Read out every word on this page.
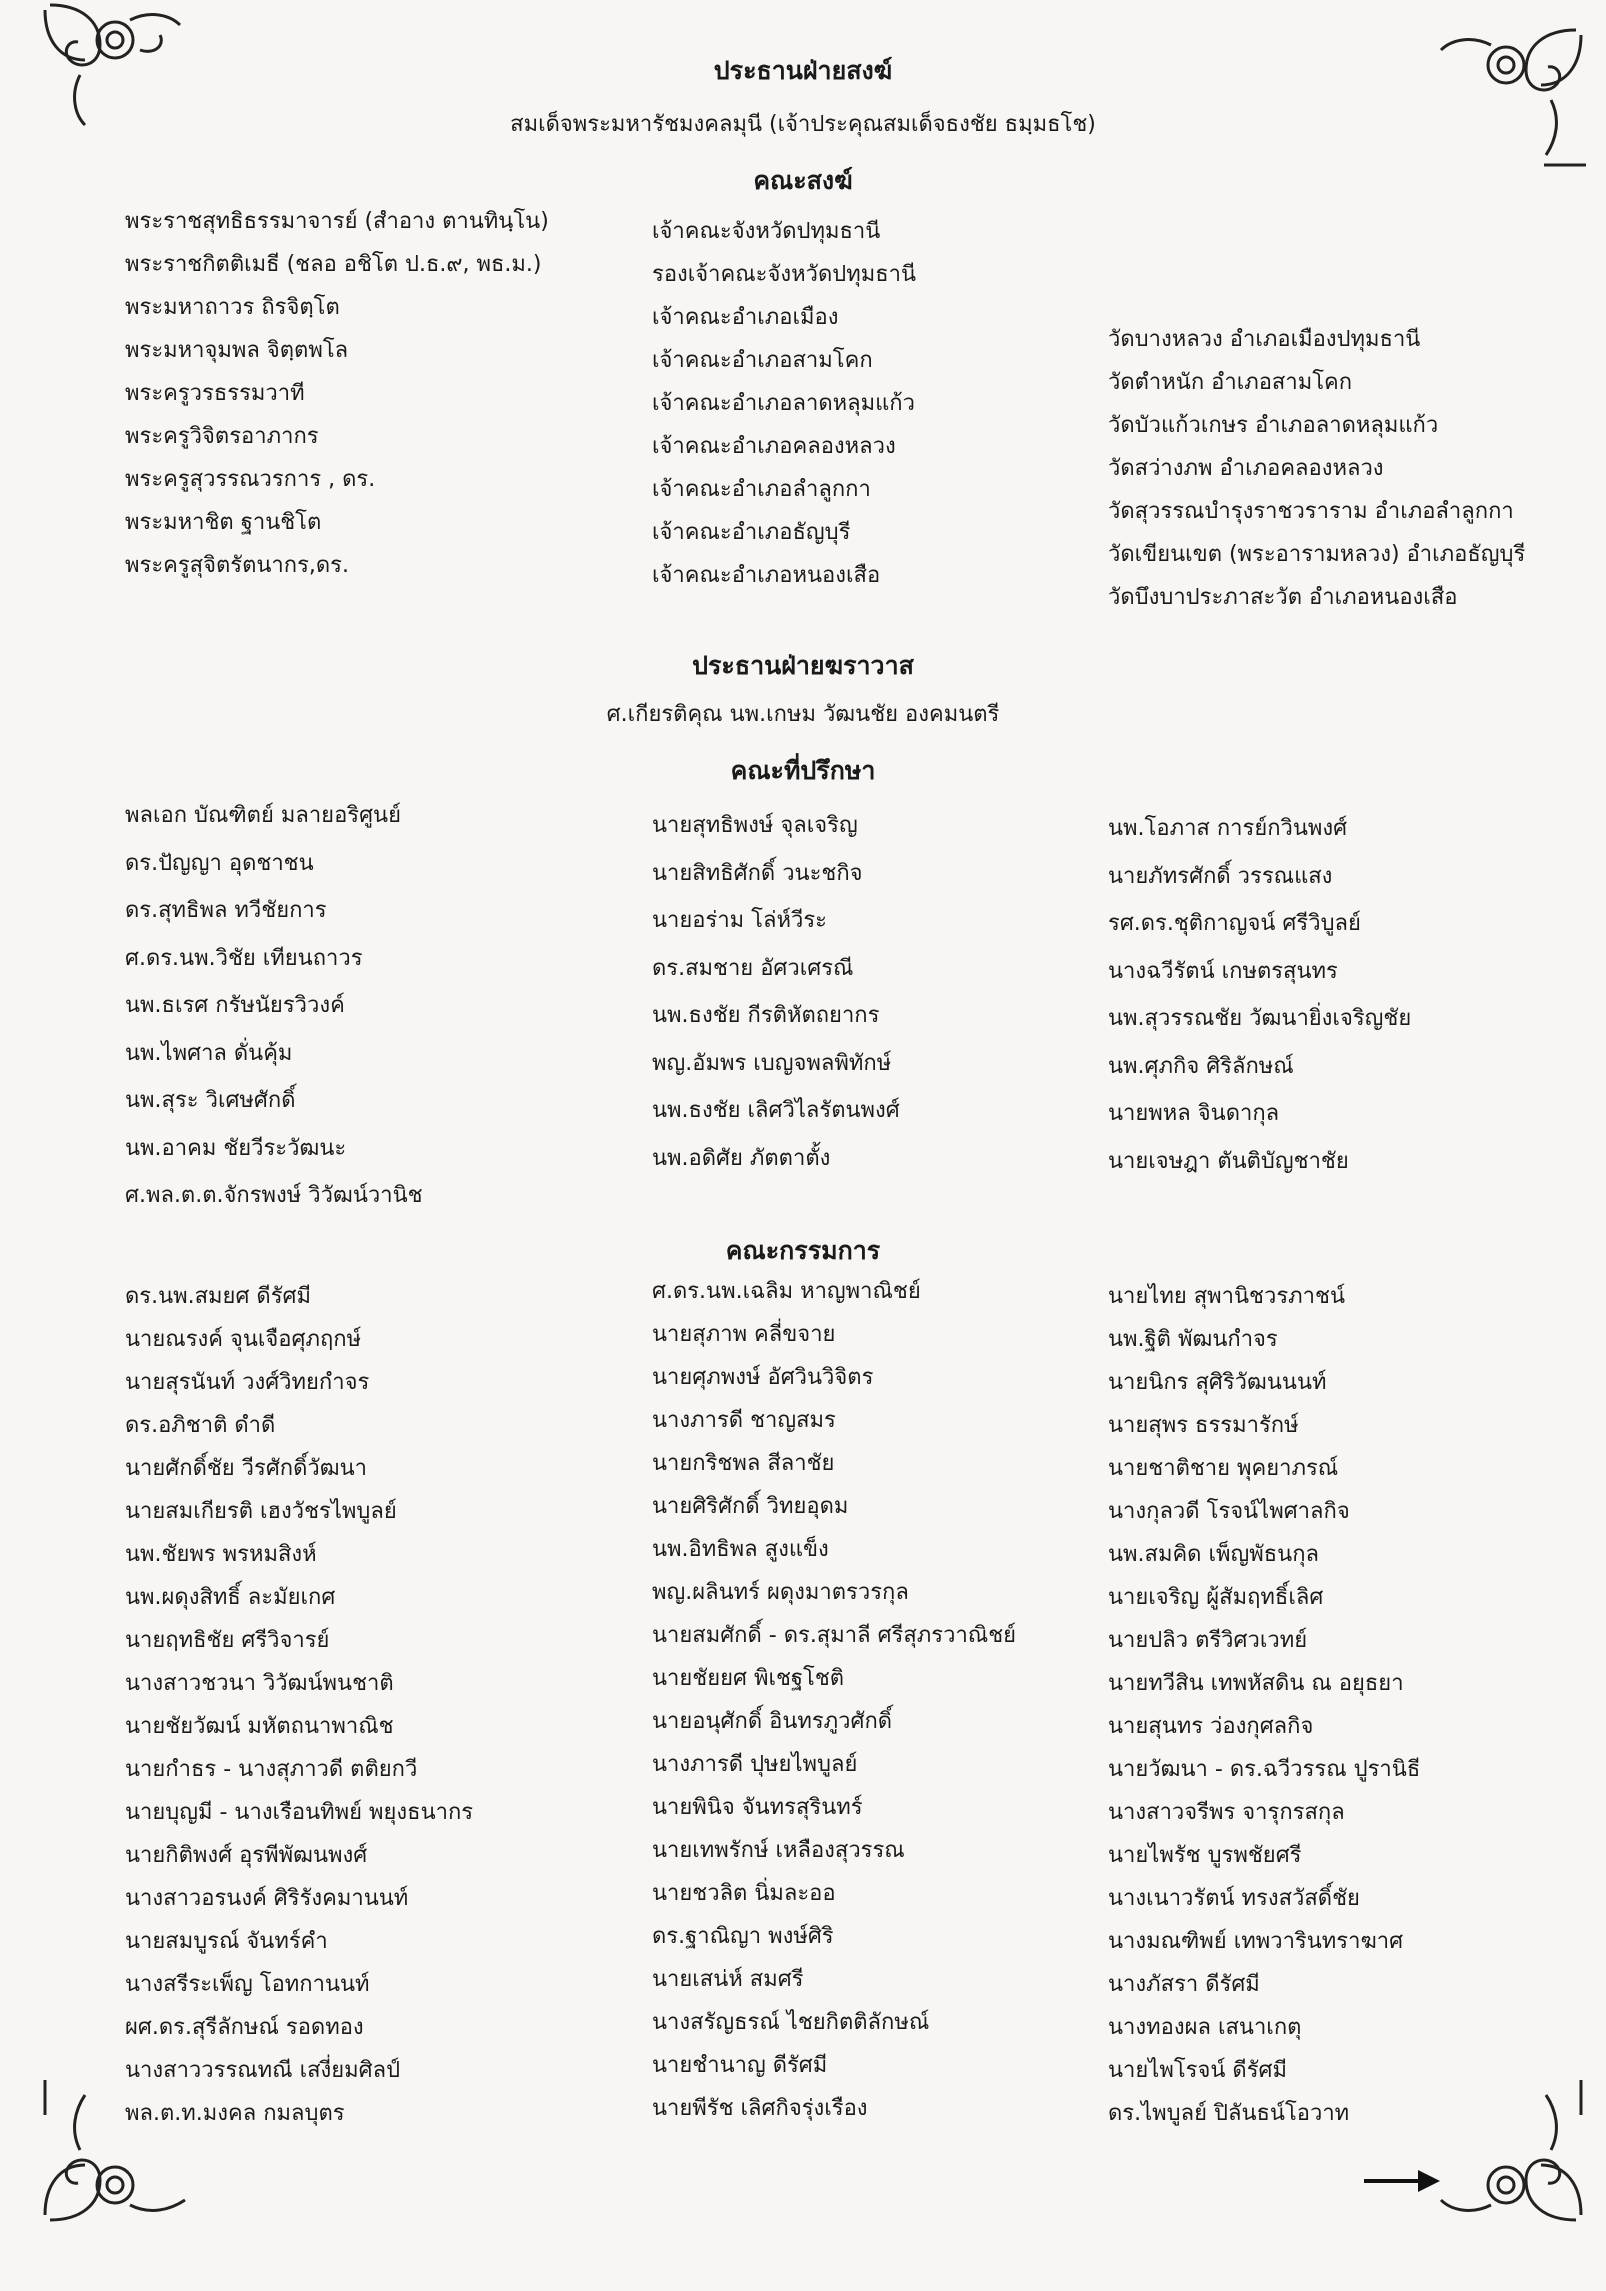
ประธานฝ่ายสงฆ์
สมเด็จพระมหารัชมงคลมุนี (เจ้าประคุณสมเด็จธงชัย ธมฺมธโช)
คณะสงฆ์
พระราชสุทธิธรรมาจารย์ (สำอาง ตานทินฺโน)
พระราชกิตติเมธี (ชลอ อชิโต ป.ธ.๙, พธ.ม.)
พระมหาถาวร ถิรจิตฺโต
พระมหาจุมพล จิตฺตพโล
พระครูวรธรรมวาที
พระครูวิจิตรอาภากร
พระครูสุวรรณวรการ , ดร.
พระมหาชิต ฐานชิโต
พระครูสุจิตรัตนากร,ดร.
เจ้าคณะจังหวัดปทุมธานี
รองเจ้าคณะจังหวัดปทุมธานี
เจ้าคณะอำเภอเมือง
เจ้าคณะอำเภอสามโคก
เจ้าคณะอำเภอลาดหลุมแก้ว
เจ้าคณะอำเภอคลองหลวง
เจ้าคณะอำเภอลำลูกกา
เจ้าคณะอำเภอธัญบุรี
เจ้าคณะอำเภอหนองเสือ
วัดบางหลวง อำเภอเมืองปทุมธานี
วัดตำหนัก อำเภอสามโคก
วัดบัวแก้วเกษร อำเภอลาดหลุมแก้ว
วัดสว่างภพ อำเภอคลองหลวง
วัดสุวรรณบำรุงราชวราราม อำเภอลำลูกกา
วัดเขียนเขต (พระอารามหลวง) อำเภอธัญบุรี
วัดบึงบาประภาสะวัต อำเภอหนองเสือ
ประธานฝ่ายฆราวาส
ศ.เกียรติคุณ นพ.เกษม วัฒนชัย องคมนตรี
คณะที่ปรึกษา
พลเอก บัณฑิตย์ มลายอริศูนย์
ดร.ปัญญา อุดชาชน
ดร.สุทธิพล ทวีชัยการ
ศ.ดร.นพ.วิชัย เทียนถาวร
นพ.ธเรศ กรัษนัยรวิวงค์
นพ.ไพศาล ดั่นคุ้ม
นพ.สุระ วิเศษศักดิ์
นพ.อาคม ชัยวีระวัฒนะ
ศ.พล.ต.ต.จักรพงษ์ วิวัฒน์วานิช
นายสุทธิพงษ์ จุลเจริญ
นายสิทธิศักดิ์ วนะชกิจ
นายอร่าม โล่ห์วีระ
ดร.สมชาย อัศวเศรณี
นพ.ธงชัย กีรติหัตถยากร
พญ.อัมพร เบญจพลพิทักษ์
นพ.ธงชัย เลิศวิไลรัตนพงศ์
นพ.อดิศัย ภัตตาตั้ง
นพ.โอภาส การย์กวินพงศ์
นายภัทรศักดิ์ วรรณแสง
รศ.ดร.ชุติกาญจน์ ศรีวิบูลย์
นางฉวีรัตน์ เกษตรสุนทร
นพ.สุวรรณชัย วัฒนายิ่งเจริญชัย
นพ.ศุภกิจ ศิริลักษณ์
นายพหล จินดากุล
นายเจษฎา ตันติบัญชาชัย
คณะกรรมการ
ดร.นพ.สมยศ ดีรัศมี
นายณรงค์ จุนเจือศุภฤกษ์
นายสุรนันท์ วงศ์วิทยกำจร
ดร.อภิชาติ ดำดี
นายศักดิ์ชัย วีรศักดิ์วัฒนา
นายสมเกียรติ เฮงวัชรไพบูลย์
นพ.ชัยพร พรหมสิงห์
นพ.ผดุงสิทธิ์ ละมัยเกศ
นายฤทธิชัย ศรีวิจารย์
นางสาวชวนา วิวัฒน์พนชาติ
นายชัยวัฒน์ มหัตถนาพาณิช
นายกำธร - นางสุภาวดี ตติยกวี
นายบุญมี - นางเรือนทิพย์ พยุงธนากร
นายกิติพงศ์ อุรพีพัฒนพงศ์
นางสาวอรนงค์ ศิริรังคมานนท์
นายสมบูรณ์ จันทร์คำ
นางสรีระเพ็ญ โอทกานนท์
ผศ.ดร.สุรีลักษณ์ รอดทอง
นางสาววรรณทณี เสงี่ยมศิลป์
พล.ต.ท.มงคล กมลบุตร
ศ.ดร.นพ.เฉลิม หาญพาณิชย์
นายสุภาพ คลี่ขจาย
นายศุภพงษ์ อัศวินวิจิตร
นางภารดี ชาญสมร
นายกริชพล สีลาชัย
นายศิริศักดิ์ วิทยอุดม
นพ.อิทธิพล สูงแข็ง
พญ.ผลินทร์ ผดุงมาตรวรกุล
นายสมศักดิ์ - ดร.สุมาลี ศรีสุภรวาณิชย์
นายชัยยศ พิเชฐโชติ
นายอนุศักดิ์ อินทรภูวศักดิ์
นางภารดี ปุษยไพบูลย์
นายพินิจ จันทรสุรินทร์
นายเทพรักษ์ เหลืองสุวรรณ
นายชวลิต นิ่มละออ
ดร.ฐาณิญา พงษ์ศิริ
นายเสน่ห์ สมศรี
นางสรัญธรณ์ ไชยกิตติลักษณ์
นายชำนาญ ดีรัศมี
นายพีรัช เลิศกิจรุ่งเรือง
นายไทย สุพานิชวรภาชน์
นพ.ฐิติ พัฒนกำจร
นายนิกร สุศิริวัฒนนนท์
นายสุพร ธรรมารักษ์
นายชาติชาย พุคยาภรณ์
นางกุลวดี โรจน์ไพศาลกิจ
นพ.สมคิด เพ็ญพัธนกุล
นายเจริญ ผู้สัมฤทธิ์เลิศ
นายปลิว ตรีวิศวเวทย์
นายทวีสิน เทพหัสดิน ณ อยุธยา
นายสุนทร ว่องกุศลกิจ
นายวัฒนา - ดร.ฉวีวรรณ ปูรานิธี
นางสาวจรีพร จารุกรสกุล
นายไพรัช บูรพชัยศรี
นางเนาวรัตน์ ทรงสวัสดิ์ชัย
นางมณฑิพย์ เทพวารินทราฆาศ
นางภัสรา ดีรัศมี
นางทองผล เสนาเกตุ
นายไพโรจน์ ดีรัศมี
ดร.ไพบูลย์ ปิลันธน์โอวาท
